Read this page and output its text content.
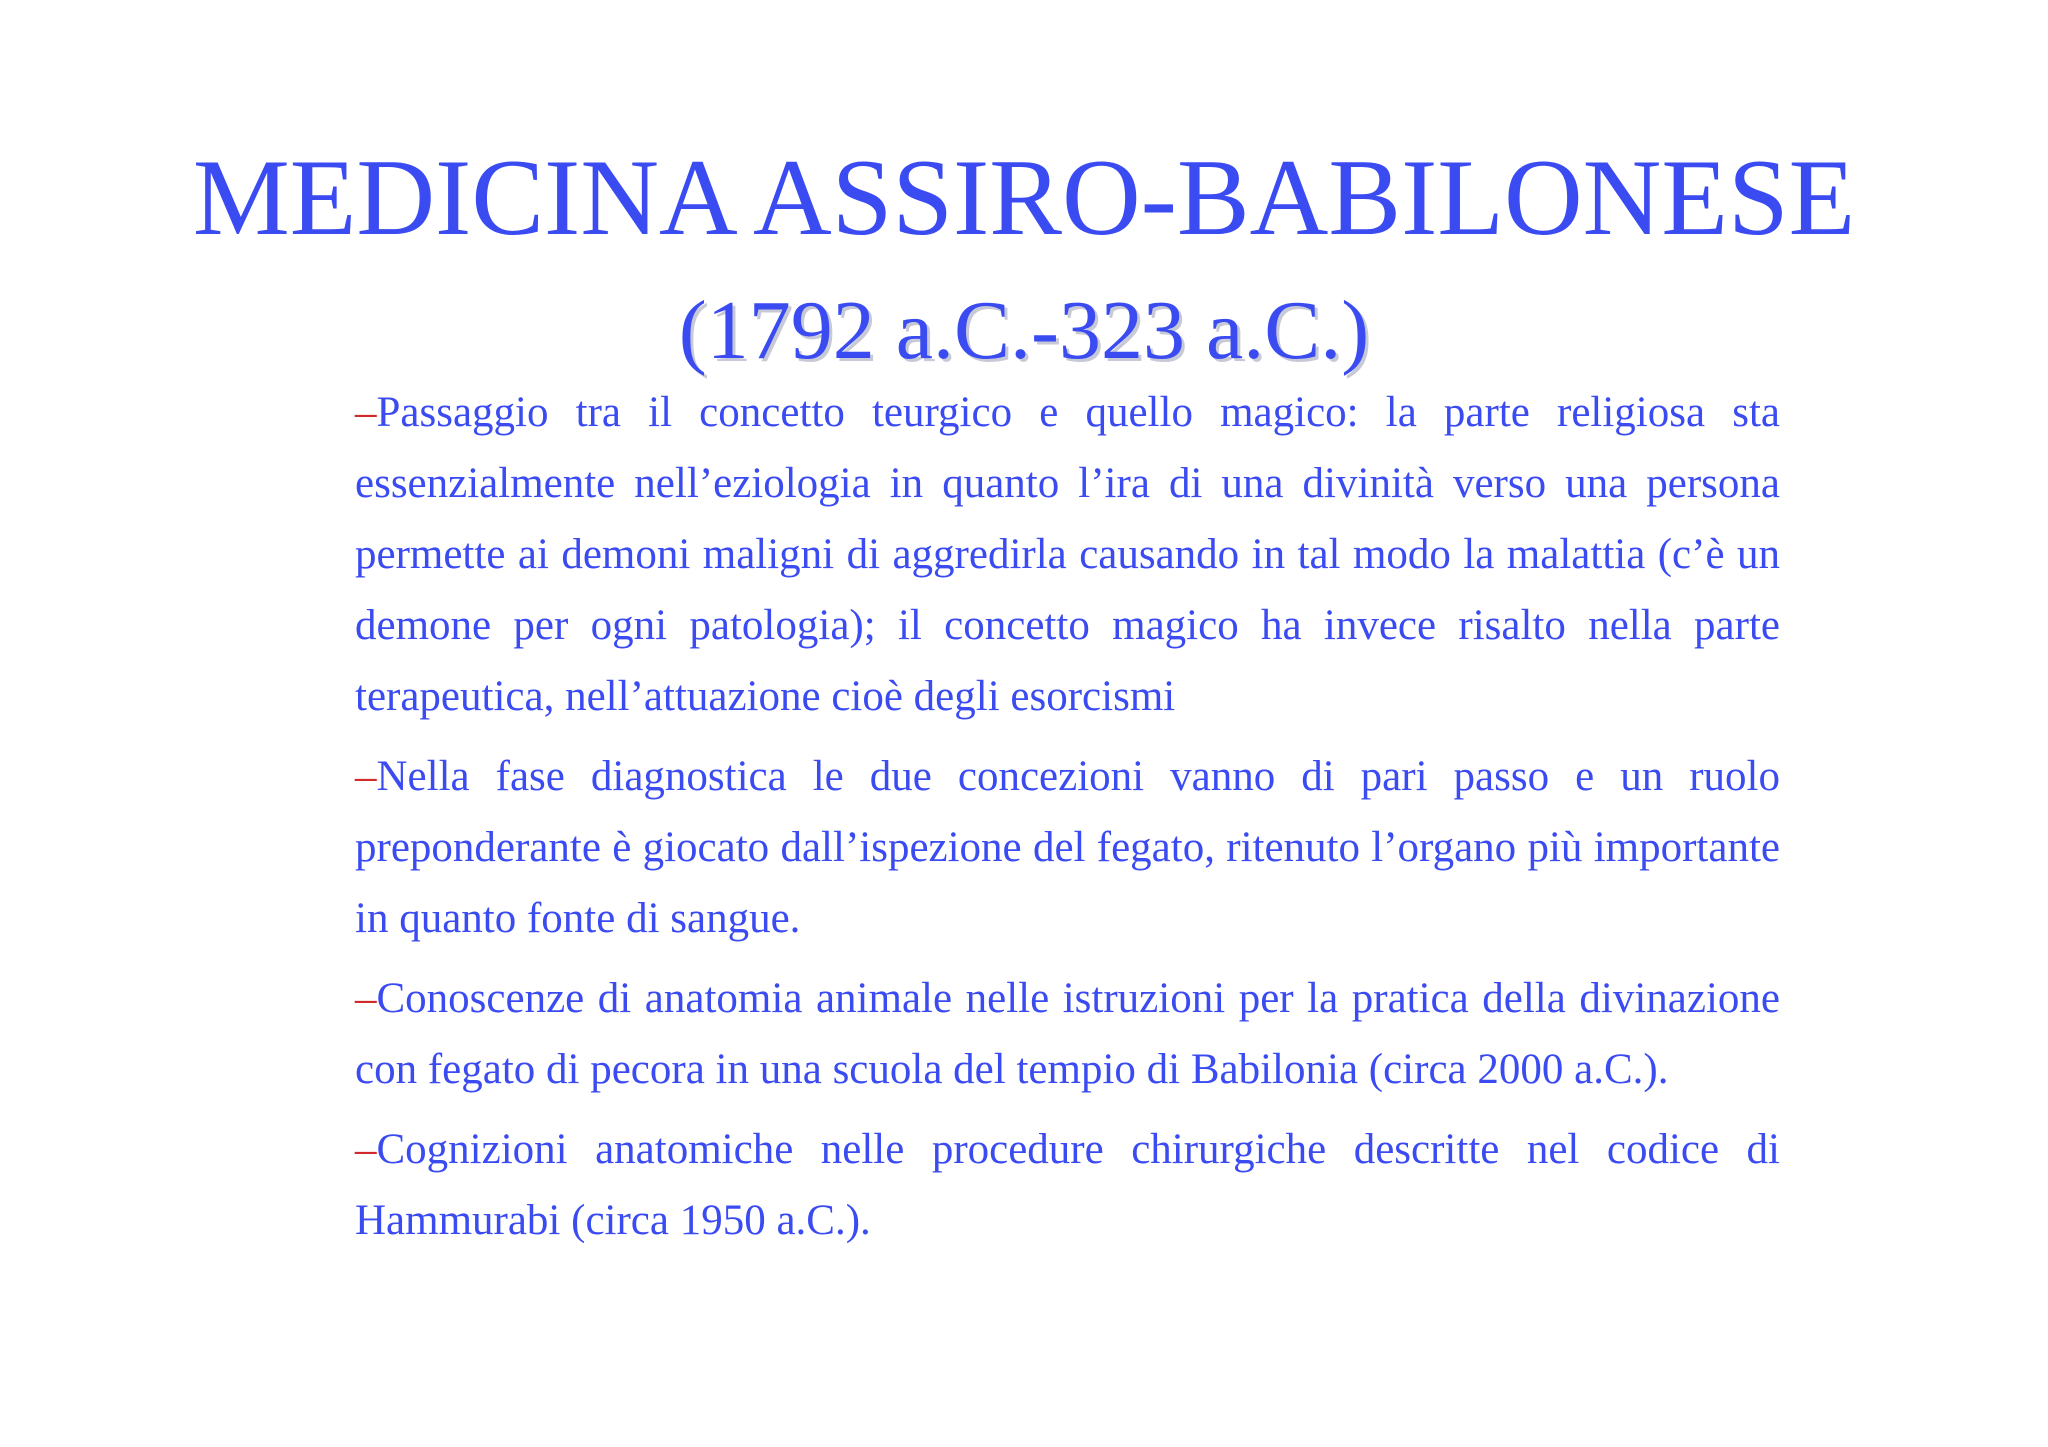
MEDICINA ASSIRO-BABILONESE
(1792 a.C.-323 a.C.)

–Passaggio tra il concetto teurgico e quello magico: la parte religiosa sta essenzialmente nell’eziologia in quanto l’ira di una divinità verso una persona permette ai demoni maligni di aggredirla causando in tal modo la malattia (c’è un demone per ogni patologia); il concetto magico ha invece risalto nella parte terapeutica, nell’attuazione cioè degli esorcismi

–Nella fase diagnostica le due concezioni vanno di pari passo e un ruolo preponderante è giocato dall’ispezione del fegato, ritenuto l’organo più importante in quanto fonte di sangue.

–Conoscenze di anatomia animale nelle istruzioni per la pratica della divinazione con fegato di pecora in una scuola del tempio di Babilonia (circa 2000 a.C.).

–Cognizioni anatomiche nelle procedure chirurgiche descritte nel codice di Hammurabi (circa 1950 a.C.).
